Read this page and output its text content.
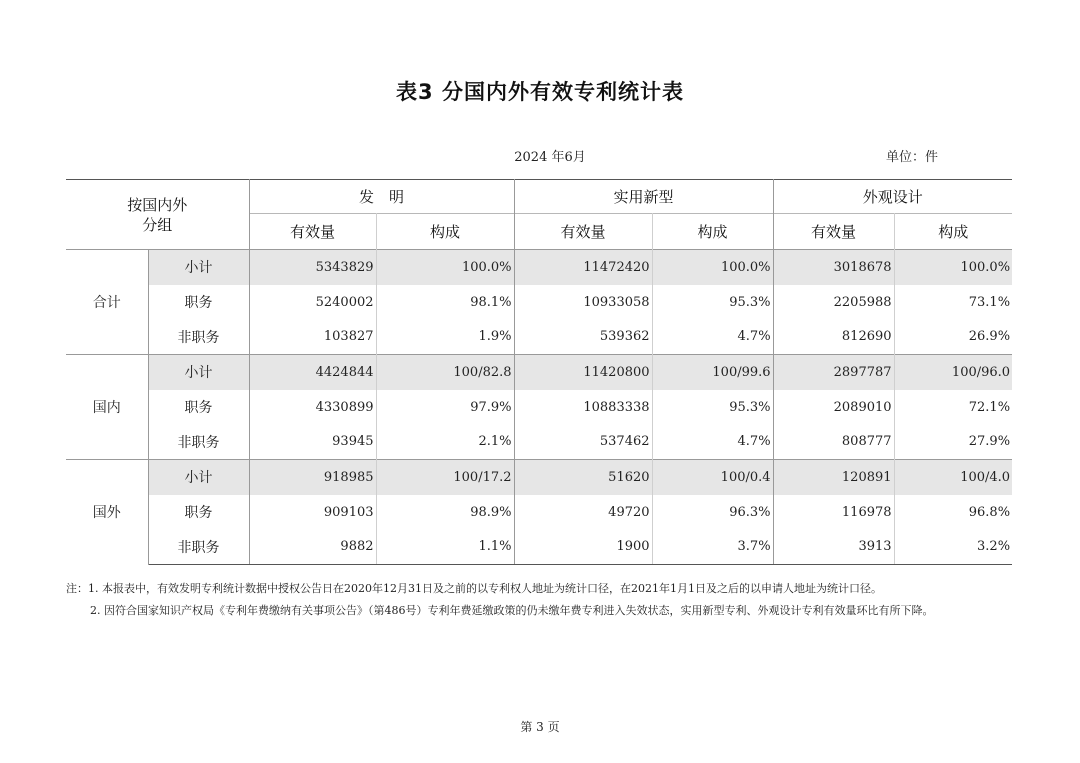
表3 分国内外有效专利统计表
2024 年6月	单位：件
按国内外
分组		发　明		实用新型		外观设计	
		有效量	构成	有效量	构成	有效量	构成
合计	小计	5343829	100.0%	11472420	100.0%	3018678	100.0%
	职务	5240002	98.1%	10933058	95.3%	2205988	73.1%
	非职务	103827	1.9%	539362	4.7%	812690	26.9%
国内	小计	4424844	100/82.8	11420800	100/99.6	2897787	100/96.0
	职务	4330899	97.9%	10883338	95.3%	2089010	72.1%
	非职务	93945	2.1%	537462	4.7%	808777	27.9%
国外	小计	918985	100/17.2	51620	100/0.4	120891	100/4.0
	职务	909103	98.9%	49720	96.3%	116978	96.8%
	非职务	9882	1.1%	1900	3.7%	3913	3.2%
注：1. 本报表中，有效发明专利统计数据中授权公告日在2020年12月31日及之前的以专利权人地址为统计口径，在2021年1月1日及之后的以申请人地址为统计口径。
2. 因符合国家知识产权局《专利年费缴纳有关事项公告》（第486号）专利年费延缴政策的仍未缴年费专利进入失效状态，实用新型专利、外观设计专利有效量环比有所下降。
第 3 页
